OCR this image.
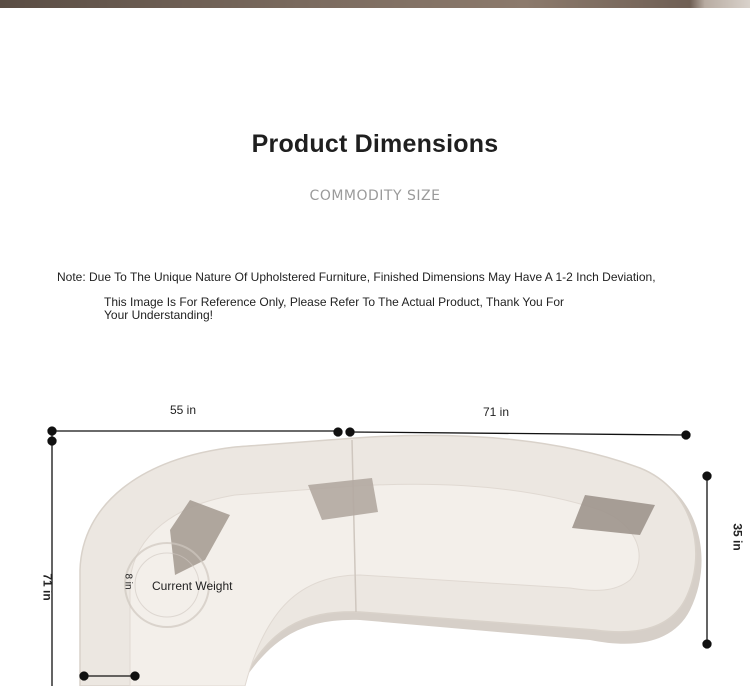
Product Dimensions
COMMODITY SIZE
Note: Due To The Unique Nature Of Upholstered Furniture, Finished Dimensions May Have A 1-2 Inch Deviation,
This Image Is For Reference Only, Please Refer To The Actual Product, Thank You For Your Understanding!
55 in	71 in
71 in
35 in
8 in Current Weight
